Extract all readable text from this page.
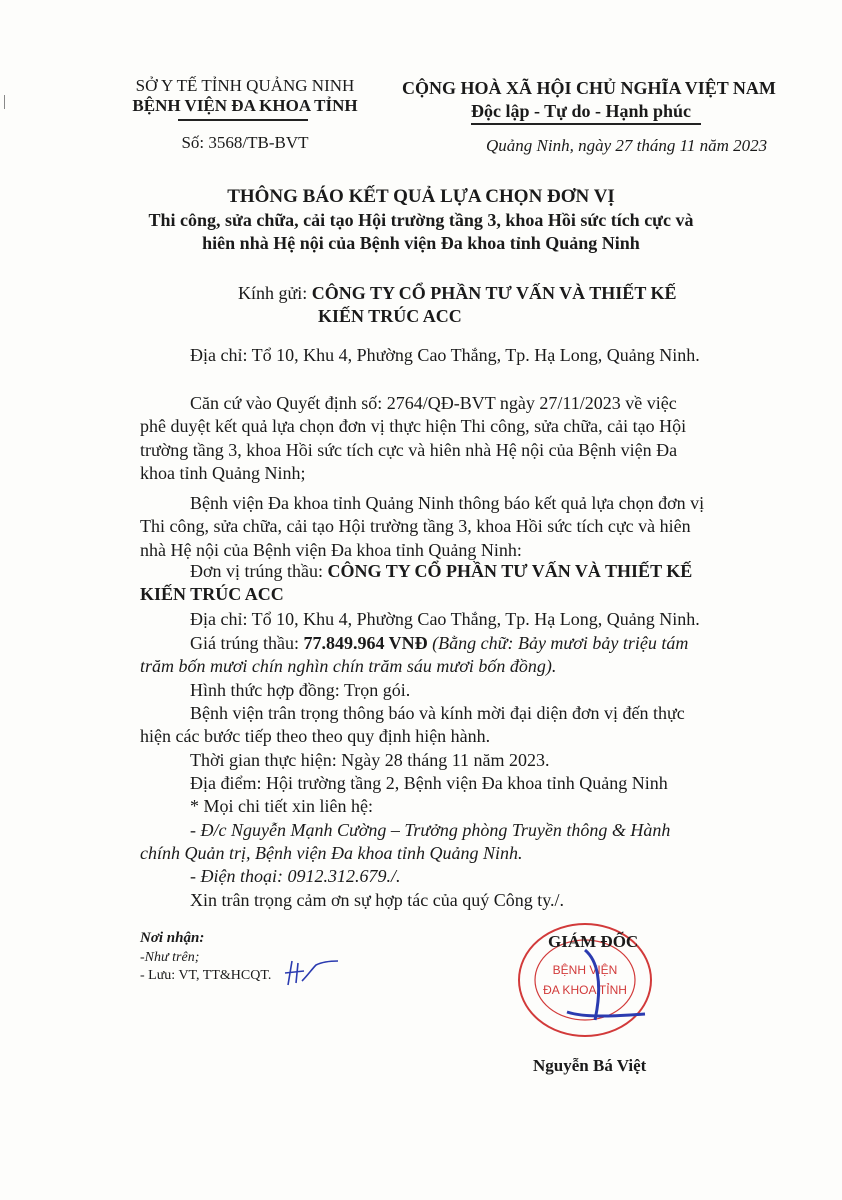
SỞ Y TẾ TỈNH QUẢNG NINH
BỆNH VIỆN ĐA KHOA TỈNH
Số: 3568/TB-BVT
CỘNG HOÀ XÃ HỘI CHỦ NGHĨA VIỆT NAM
Độc lập - Tự do - Hạnh phúc
Quảng Ninh, ngày 27 tháng 11 năm 2023
THÔNG BÁO KẾT QUẢ LỰA CHỌN ĐƠN VỊ
Thi công, sửa chữa, cải tạo Hội trường tầng 3, khoa Hồi sức tích cực và
hiên nhà Hệ nội của Bệnh viện Đa khoa tỉnh Quảng Ninh
Kính gửi: CÔNG TY CỔ PHẦN TƯ VẤN VÀ THIẾT KẾ
KIẾN TRÚC ACC
Địa chỉ: Tổ 10, Khu 4, Phường Cao Thắng, Tp. Hạ Long, Quảng Ninh.
Căn cứ vào Quyết định số: 2764/QĐ-BVT ngày 27/11/2023 về việc
phê duyệt kết quả lựa chọn đơn vị thực hiện Thi công, sửa chữa, cải tạo Hội
trường tầng 3, khoa Hồi sức tích cực và hiên nhà Hệ nội của Bệnh viện Đa
khoa tỉnh Quảng Ninh;
Bệnh viện Đa khoa tỉnh Quảng Ninh thông báo kết quả lựa chọn đơn vị
Thi công, sửa chữa, cải tạo Hội trường tầng 3, khoa Hồi sức tích cực và hiên
nhà Hệ nội của Bệnh viện Đa khoa tỉnh Quảng Ninh:
Đơn vị trúng thầu: CÔNG TY CỔ PHẦN TƯ VẤN VÀ THIẾT KẾ
KIẾN TRÚC ACC
Địa chỉ: Tổ 10, Khu 4, Phường Cao Thắng, Tp. Hạ Long, Quảng Ninh.
Giá trúng thầu: 77.849.964 VNĐ (Bằng chữ: Bảy mươi bảy triệu tám
trăm bốn mươi chín nghìn chín trăm sáu mươi bốn đồng).
Hình thức hợp đồng: Trọn gói.
Bệnh viện trân trọng thông báo và kính mời đại diện đơn vị đến thực
hiện các bước tiếp theo theo quy định hiện hành.
Thời gian thực hiện: Ngày 28 tháng 11 năm 2023.
Địa điểm: Hội trường tầng 2, Bệnh viện Đa khoa tỉnh Quảng Ninh
* Mọi chi tiết xin liên hệ:
- Đ/c Nguyễn Mạnh Cường – Trưởng phòng Truyền thông & Hành
chính Quản trị, Bệnh viện Đa khoa tỉnh Quảng Ninh.
- Điện thoại: 0912.312.679./.
Xin trân trọng cảm ơn sự hợp tác của quý Công ty./.
Nơi nhận:
-Như trên;
- Lưu: VT, TT&HCQT.	BỆNH VIỆN
ĐA KHOA TỈNH
GIÁM ĐỐC
Nguyễn Bá Việt
